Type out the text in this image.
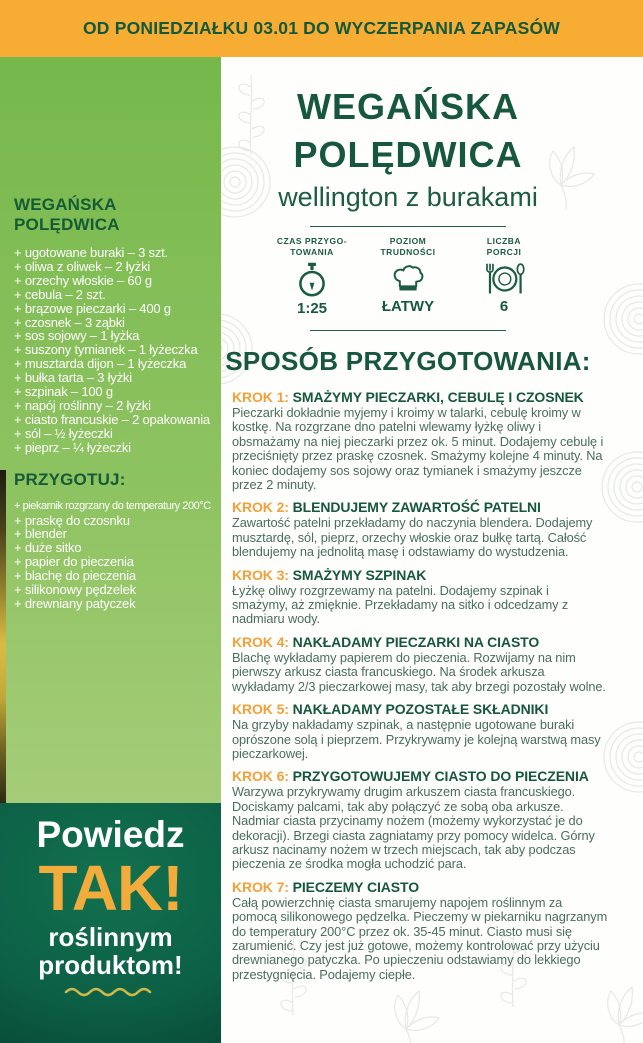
OD PONIEDZIAŁKU 03.01 DO WYCZERPANIA ZAPASÓW
WEGAŃSKA POLĘDWICA
+ ugotowane buraki – 3 szt.
+ oliwa z oliwek – 2 łyżki
+ orzechy włoskie – 60 g
+ cebula – 2 szt.
+ brązowe pieczarki – 400 g
+ czosnek – 3 ząbki
+ sos sojowy – 1 łyżka
+ suszony tymianek – 1 łyżeczka
+ musztarda dijon – 1 łyżeczka
+ bułka tarta – 3 łyżki
+ szpinak – 100 g
+ napój roślinny – 2 łyżki
+ ciasto francuskie – 2 opakowania
+ sól – ½ łyżeczki
+ pieprz – ¼ łyżeczki
PRZYGOTUJ:
+ piekarnik rozgrzany do temperatury 200°C
+ praskę do czosnku
+ blender
+ duże sitko
+ papier do pieczenia
+ blachę do pieczenia
+ silikonowy pędzelek
+ drewniany patyczek
Powiedz
TAK!
roślinnym
produktom!
WEGAŃSKA
POLĘDWICA
wellington z burakami
CZAS PRZYGO-
TOWANIA
1:25
POZIOM
TRUDNOŚCI
ŁATWY
LICZBA
PORCJI
6
SPOSÓB PRZYGOTOWANIA:
KROK 1: SMAŻYMY PIECZARKI, CEBULĘ I CZOSNEK

Pieczarki dokładnie myjemy i kroimy w talarki, cebulę kroimy w kostkę. Na rozgrzane dno patelni wlewamy łyżkę oliwy i obsmażamy na niej pieczarki przez ok. 5 minut. Dodajemy cebulę i przeciśnięty przez praskę czosnek. Smażymy kolejne 4 minuty. Na koniec dodajemy sos sojowy oraz tymianek i smażymy jeszcze przez 2 minuty.

KROK 2: BLENDUJEMY ZAWARTOŚĆ PATELNI

Zawartość patelni przekładamy do naczynia blendera. Dodajemy musztardę, sól, pieprz, orzechy włoskie oraz bułkę tartą. Całość blendujemy na jednolitą masę i odstawiamy do wystudzenia.

KROK 3: SMAŻYMY SZPINAK

Łyżkę oliwy rozgrzewamy na patelni. Dodajemy szpinak i smażymy, aż zmięknie. Przekładamy na sitko i odcedzamy z nadmiaru wody.

KROK 4: NAKŁADAMY PIECZARKI NA CIASTO

Blachę wykładamy papierem do pieczenia. Rozwijamy na nim pierwszy arkusz ciasta francuskiego. Na środek arkusza wykładamy 2/3 pieczarkowej masy, tak aby brzegi pozostały wolne.

KROK 5: NAKŁADAMY POZOSTAŁE SKŁADNIKI

Na grzyby nakładamy szpinak, a następnie ugotowane buraki oprószone solą i pieprzem. Przykrywamy je kolejną warstwą masy pieczarkowej.

KROK 6: PRZYGOTOWUJEMY CIASTO DO PIECZENIA

Warzywa przykrywamy drugim arkuszem ciasta francuskiego. Dociskamy palcami, tak aby połączyć ze sobą oba arkusze. Nadmiar ciasta przycinamy nożem (możemy wykorzystać je do dekoracji). Brzegi ciasta zagniatamy przy pomocy widelca. Górny arkusz nacinamy nożem w trzech miejscach, tak aby podczas pieczenia ze środka mogła uchodzić para.

KROK 7: PIECZEMY CIASTO

Całą powierzchnię ciasta smarujemy napojem roślinnym za pomocą silikonowego pędzelka. Pieczemy w piekarniku nagrzanym do temperatury 200°C przez ok. 35-45 minut. Ciasto musi się zarumienić. Czy jest już gotowe, możemy kontrolować przy użyciu drewnianego patyczka. Po upieczeniu odstawiamy do lekkiego przestygnięcia. Podajemy ciepłe.
